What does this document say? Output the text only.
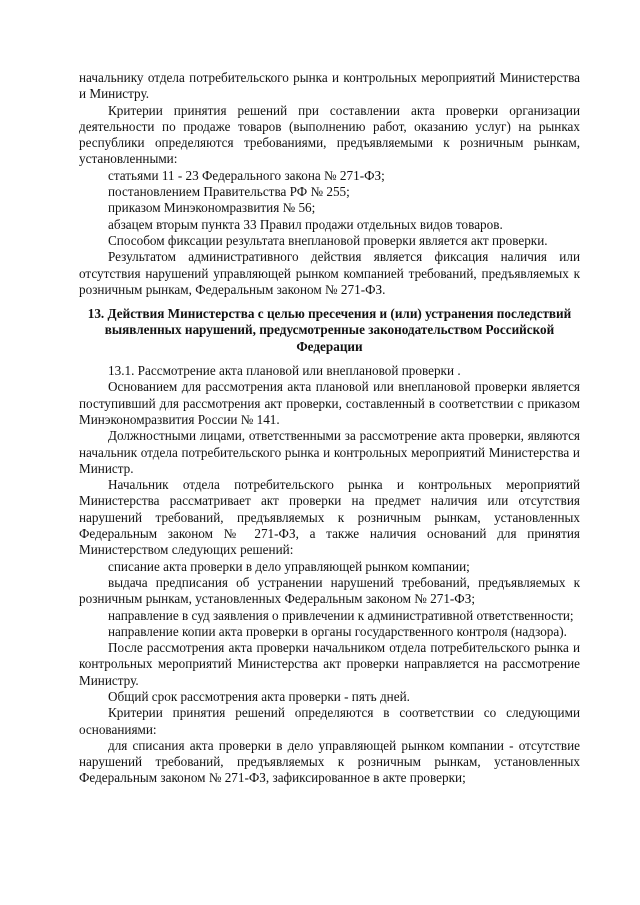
начальнику отдела потребительского рынка и контрольных мероприятий Министерства и Министру.

Критерии принятия решений при составлении акта проверки организации деятельности по продаже товаров (выполнению работ, оказанию услуг) на рынках республики определяются требованиями, предъявляемыми к розничным рынкам, установленными:

статьями 11 - 23 Федерального закона № 271-ФЗ;

постановлением Правительства РФ № 255;

приказом Минэкономразвития № 56;

абзацем вторым пункта 33 Правил продажи отдельных видов товаров.

Способом фиксации результата внеплановой проверки является акт проверки.

Результатом административного действия является фиксация наличия или отсутствия нарушений управляющей рынком компанией требований, предъявляемых к розничным рынкам, Федеральным законом № 271-ФЗ.

13. Действия Министерства с целью пресечения и (или) устранения последствий выявленных нарушений, предусмотренные законодательством Российской Федерации

13.1. Рассмотрение акта плановой или внеплановой проверки .

Основанием для рассмотрения акта плановой или внеплановой проверки является поступивший для рассмотрения акт проверки, составленный в соответствии с приказом Минэкономразвития России № 141.

Должностными лицами, ответственными за рассмотрение акта проверки, являются начальник отдела потребительского рынка и контрольных мероприятий Министерства и Министр.

Начальник отдела потребительского рынка и контрольных мероприятий Министерства рассматривает акт проверки на предмет наличия или отсутствия нарушений требований, предъявляемых к розничным рынкам, установленных Федеральным законом № 271-ФЗ, а также наличия оснований для принятия Министерством следующих решений:

списание акта проверки в дело управляющей рынком компании;

выдача предписания об устранении нарушений требований, предъявляемых к розничным рынкам, установленных Федеральным законом № 271-ФЗ;

направление в суд заявления о привлечении к административной ответственности;

направление копии акта проверки в органы государственного контроля (надзора).

После рассмотрения акта проверки начальником отдела потребительского рынка и контрольных мероприятий Министерства акт проверки направляется на рассмотрение Министру.

Общий срок рассмотрения акта проверки - пять дней.

Критерии принятия решений определяются в соответствии со следующими основаниями:

для списания акта проверки в дело управляющей рынком компании - отсутствие нарушений требований, предъявляемых к розничным рынкам, установленных Федеральным законом № 271-ФЗ, зафиксированное в акте проверки;
